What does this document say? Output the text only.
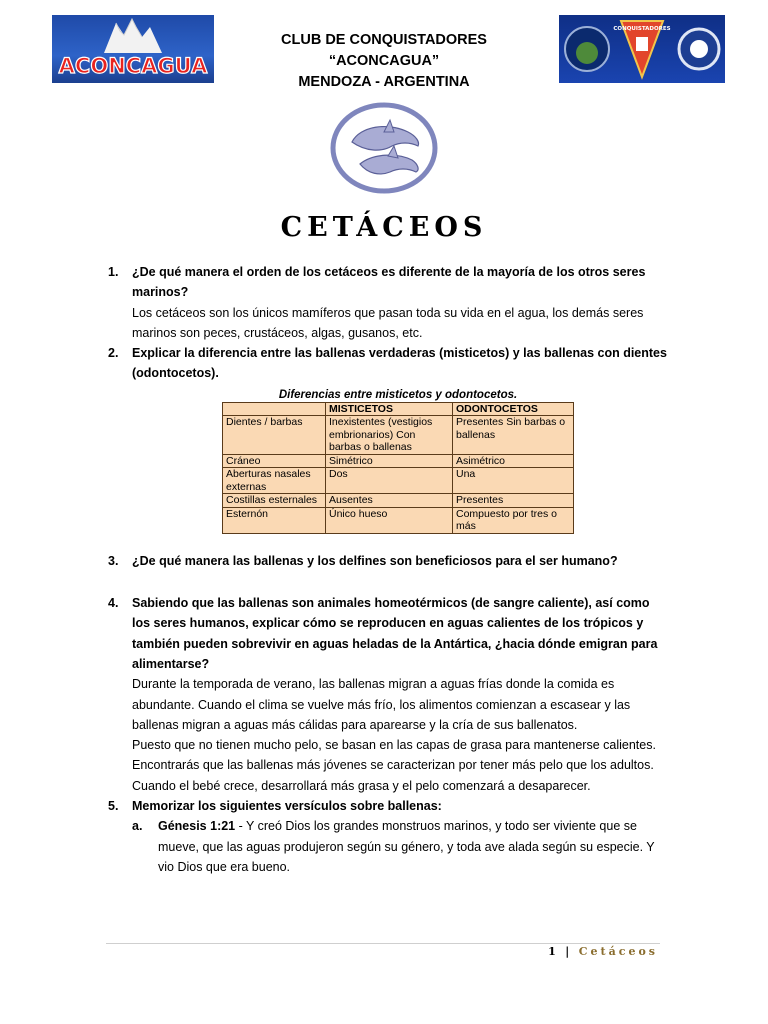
ACONCAGUA
CONQUISTADORES
CLUB DE CONQUISTADORES
“ACONCAGUA”
MENDOZA - ARGENTINA
CETÁCEOS
1. ¿De qué manera el orden de los cetáceos es diferente de la mayoría de los otros seres marinos?
Los cetáceos son los únicos mamíferos que pasan toda su vida en el agua, los demás seres marinos son peces, crustáceos, algas, gusanos, etc.
2. Explicar la diferencia entre las ballenas verdaderas (misticetos) y las ballenas con dientes (odontocetos).
Diferencias entre misticetos y odontocetos.
	MISTICETOS	ODONTOCETOS
Dientes / barbas	Inexistentes (vestigios embrionarios) Con barbas o ballenas	Presentes Sin barbas o ballenas
Cráneo	Simétrico	Asimétrico
Aberturas nasales externas	Dos	Una
Costillas esternales	Ausentes	Presentes
Esternón	Único hueso	Compuesto por tres o más
3. ¿De qué manera las ballenas y los delfines son beneficiosos para el ser humano?
4. Sabiendo que las ballenas son animales homeotérmicos (de sangre caliente), así como los seres humanos, explicar cómo se reproducen en aguas calientes de los trópicos y también pueden sobrevivir en aguas heladas de la Antártica, ¿hacia dónde emigran para alimentarse?
Durante la temporada de verano, las ballenas migran a aguas frías donde la comida es abundante. Cuando el clima se vuelve más frío, los alimentos comienzan a escasear y las ballenas migran a aguas más cálidas para aparearse y la cría de sus ballenatos.
Puesto que no tienen mucho pelo, se basan en las capas de grasa para mantenerse calientes. Encontrarás que las ballenas más jóvenes se caracterizan por tener más pelo que los adultos. Cuando el bebé crece, desarrollará más grasa y el pelo comenzará a desaparecer.
5. Memorizar los siguientes versículos sobre ballenas:
a. Génesis 1:21 - Y creó Dios los grandes monstruos marinos, y todo ser viviente que se mueve, que las aguas produjeron según su género, y toda ave alada según su especie. Y vio Dios que era bueno.
1 | Cetáceos
